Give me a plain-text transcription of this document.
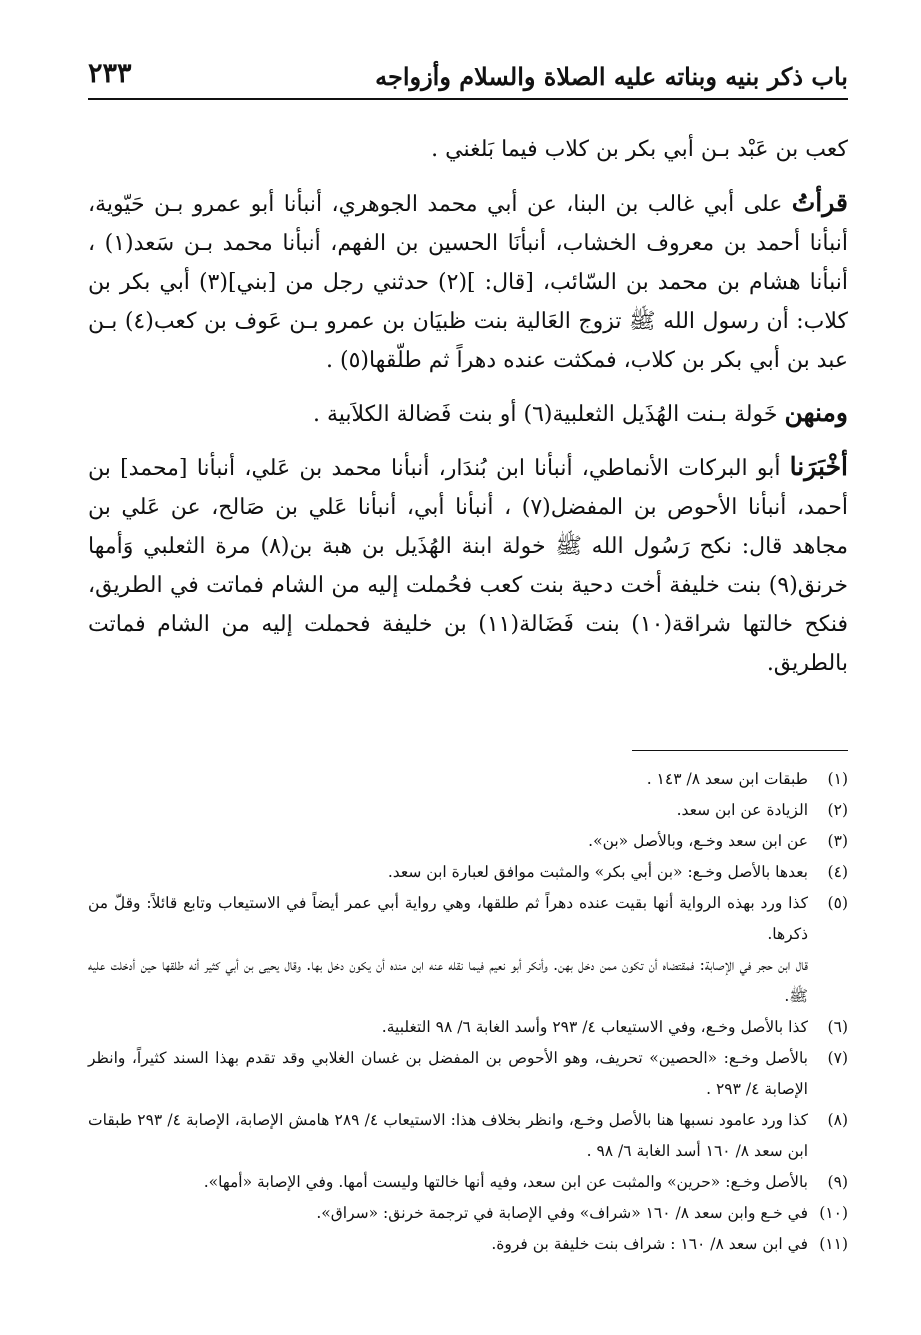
باب ذكر بنيه وبناته عليه الصلاة والسلام وأزواجه
٢٣٣

كعب بن عَبْد بـن أبي بكر بن كلاب فيما بَلغني .

قرأتُ على أبي غالب بن البنا، عن أبي محمد الجوهري، أنبأنا أبو عمرو بـن حَيّوية، أنبأنا أحمد بن معروف الخشاب، أنبأنَا الحسين بن الفهم، أنبأنا محمد بـن سَعد(١) ، أنبأنا هشام بن محمد بن السّائب، [قال: ](٢) حدثني رجل من [بني](٣) أبي بكر بن كلاب: أن رسول الله ﷺ تزوج العَالية بنت ظبيَان بن عمرو بـن عَوف بن كعب(٤) بـن عبد بن أبي بكر بن كلاب، فمكثت عنده دهراً ثم طلّقها(٥) .

ومنهن خَولة بـنت الهُذَيل الثعلبية(٦) أو بنت فَضالة الكلاَبية .

أخْبَرَنا أبو البركات الأنماطي، أنبأنا ابن بُندَار، أنبأنا محمد بن عَلي، أنبأنا [محمد] بن أحمد، أنبأنا الأحوص بن المفضل(٧) ، أنبأنا أبي، أنبأنا عَلي بن صَالح، عن عَلي بن مجاهد قال: نكح رَسُول الله ﷺ خولة ابنة الهُذَيل بن هبة بن(٨) مرة الثعلبي وَأمها خرنق(٩) بنت خليفة أخت دحية بنت كعب فحُملت إليه من الشام فماتت في الطريق، فنكح خالتها شراقة(١٠) بنت فَضَالة(١١) بن خليفة فحملت إليه من الشام فماتت بالطريق.

(١)
طبقات ابن سعد ٨/ ١٤٣ .
(٢)
الزيادة عن ابن سعد.
(٣)
عن ابن سعد وخـع، وبالأصل «بن».
(٤)
بعدها بالأصل وخـع: «بن أبي بكر» والمثبت موافق لعبارة ابن سعد.
(٥)
كذا ورد بهذه الرواية أنها بقيت عنده دهراً ثم طلقها، وهي رواية أبي عمر أيضاً في الاستيعاب وتابع قائلاً: وقلّ من ذكرها.
قال ابن حجر في الإصابة: فمقتضاه أن تكون ممن دخل بهن. وأنكر أبو نعيم فيما نقله عنه ابن منده أن يكون دخل بها. وقال يحيى بن أبي كثير أنه طلقها حين أدخلت عليه ﷺ.
(٦)
كذا بالأصل وخـع، وفي الاستيعاب ٤/ ٢٩٣ وأسد الغابة ٦/ ٩٨ التغلبية.
(٧)
بالأصل وخـع: «الحصين» تحريف، وهو الأحوص بن المفضل بن غسان الغلابي وقد تقدم بهذا السند كثيراً، وانظر الإصابة ٤/ ٢٩٣ .
(٨)
كذا ورد عامود نسبها هنا بالأصل وخـع، وانظر بخلاف هذا: الاستيعاب ٤/ ٢٨٩ هامش الإصابة، الإصابة ٤/ ٢٩٣ طبقات ابن سعد ٨/ ١٦٠ أسد الغابة ٦/ ٩٨ .
(٩)
بالأصل وخـع: «حرين» والمثبت عن ابن سعد، وفيه أنها خالتها وليست أمها. وفي الإصابة «أمها».
(١٠)
في خـع وابن سعد ٨/ ١٦٠ «شراف» وفي الإصابة في ترجمة خرنق: «سراق».
(١١)
في ابن سعد ٨/ ١٦٠ : شراف بنت خليفة بن فروة.
